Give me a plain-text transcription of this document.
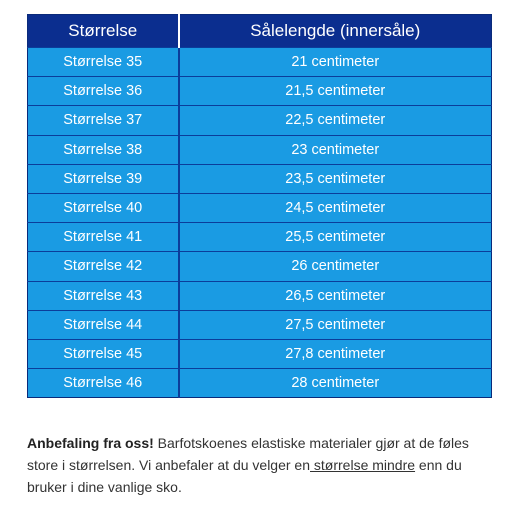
Størrelse	Sålelengde (innersåle)
Størrelse 35	21 centimeter
Størrelse 36	21,5 centimeter
Størrelse 37	22,5 centimeter
Størrelse 38	23 centimeter
Størrelse 39	23,5 centimeter
Størrelse 40	24,5 centimeter
Størrelse 41	25,5 centimeter
Størrelse 42	26 centimeter
Størrelse 43	26,5 centimeter
Størrelse 44	27,5 centimeter
Størrelse 45	27,8 centimeter
Størrelse 46	28 centimeter

Anbefaling fra oss! Barfotskoenes elastiske materialer gjør at de føles store i størrelsen. Vi anbefaler at du velger en størrelse mindre enn du bruker i dine vanlige sko.
